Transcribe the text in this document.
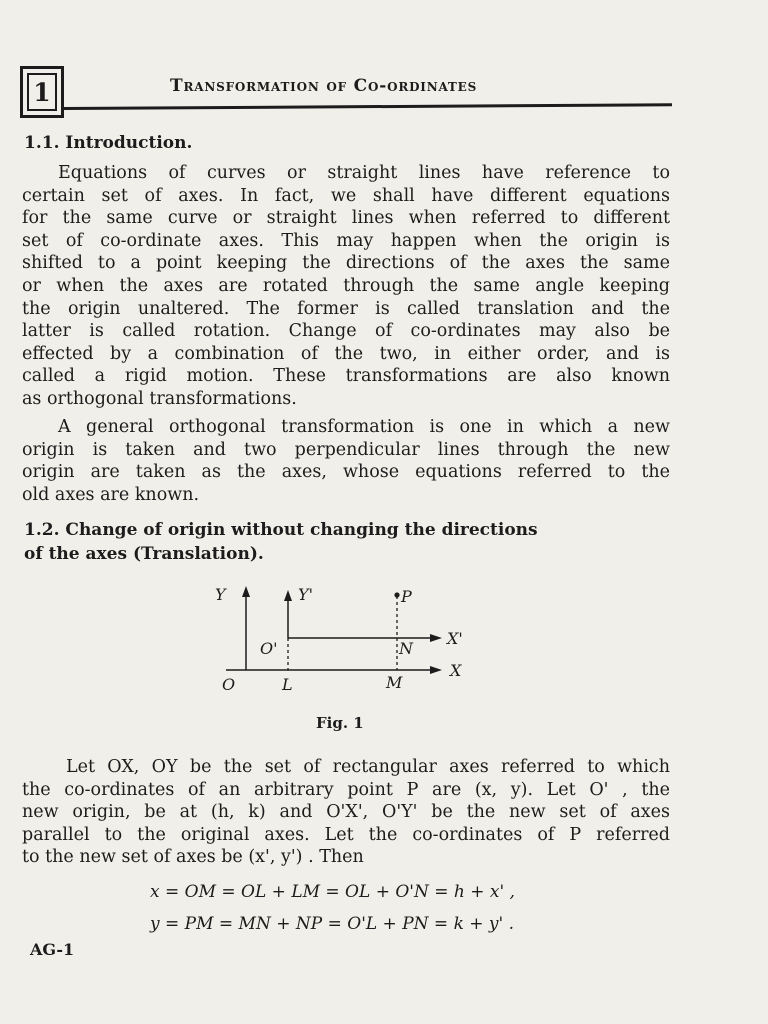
1	Transformation of Co-ordinates
1.1. Introduction.
Equations of curves or straight lines have reference to
certain set of axes. In fact, we shall have different equations
for the same curve or straight lines when referred to different
set of co-ordinate axes. This may happen when the origin is
shifted to a point keeping the directions of the axes the same
or when the axes are rotated through the same angle keeping
the origin unaltered. The former is called translation and the
latter is called rotation. Change of co-ordinates may also be
effected by a combination of the two, in either order, and is
called a rigid motion. These transformations are also known
as orthogonal transformations.
A general orthogonal transformation is one in which a new
origin is taken and two perpendicular lines through the new
origin are taken as the axes, whose equations referred to the
old axes are known.
1.2. Change of origin without changing the directions
of the axes (Translation).
Y	Y'	P
O'	N
X'
X
O	L	M
Fig. 1
Let OX, OY be the set of rectangular axes referred to which
the co-ordinates of an arbitrary point P are (x, y). Let O' , the
new origin, be at (h, k) and O'X', O'Y' be the new set of axes
parallel to the original axes. Let the co-ordinates of P referred
to the new set of axes be (x', y') . Then
x = OM = OL + LM = OL + O'N = h + x' ,
y = PM = MN + NP = O'L + PN = k + y' .
AG-1
